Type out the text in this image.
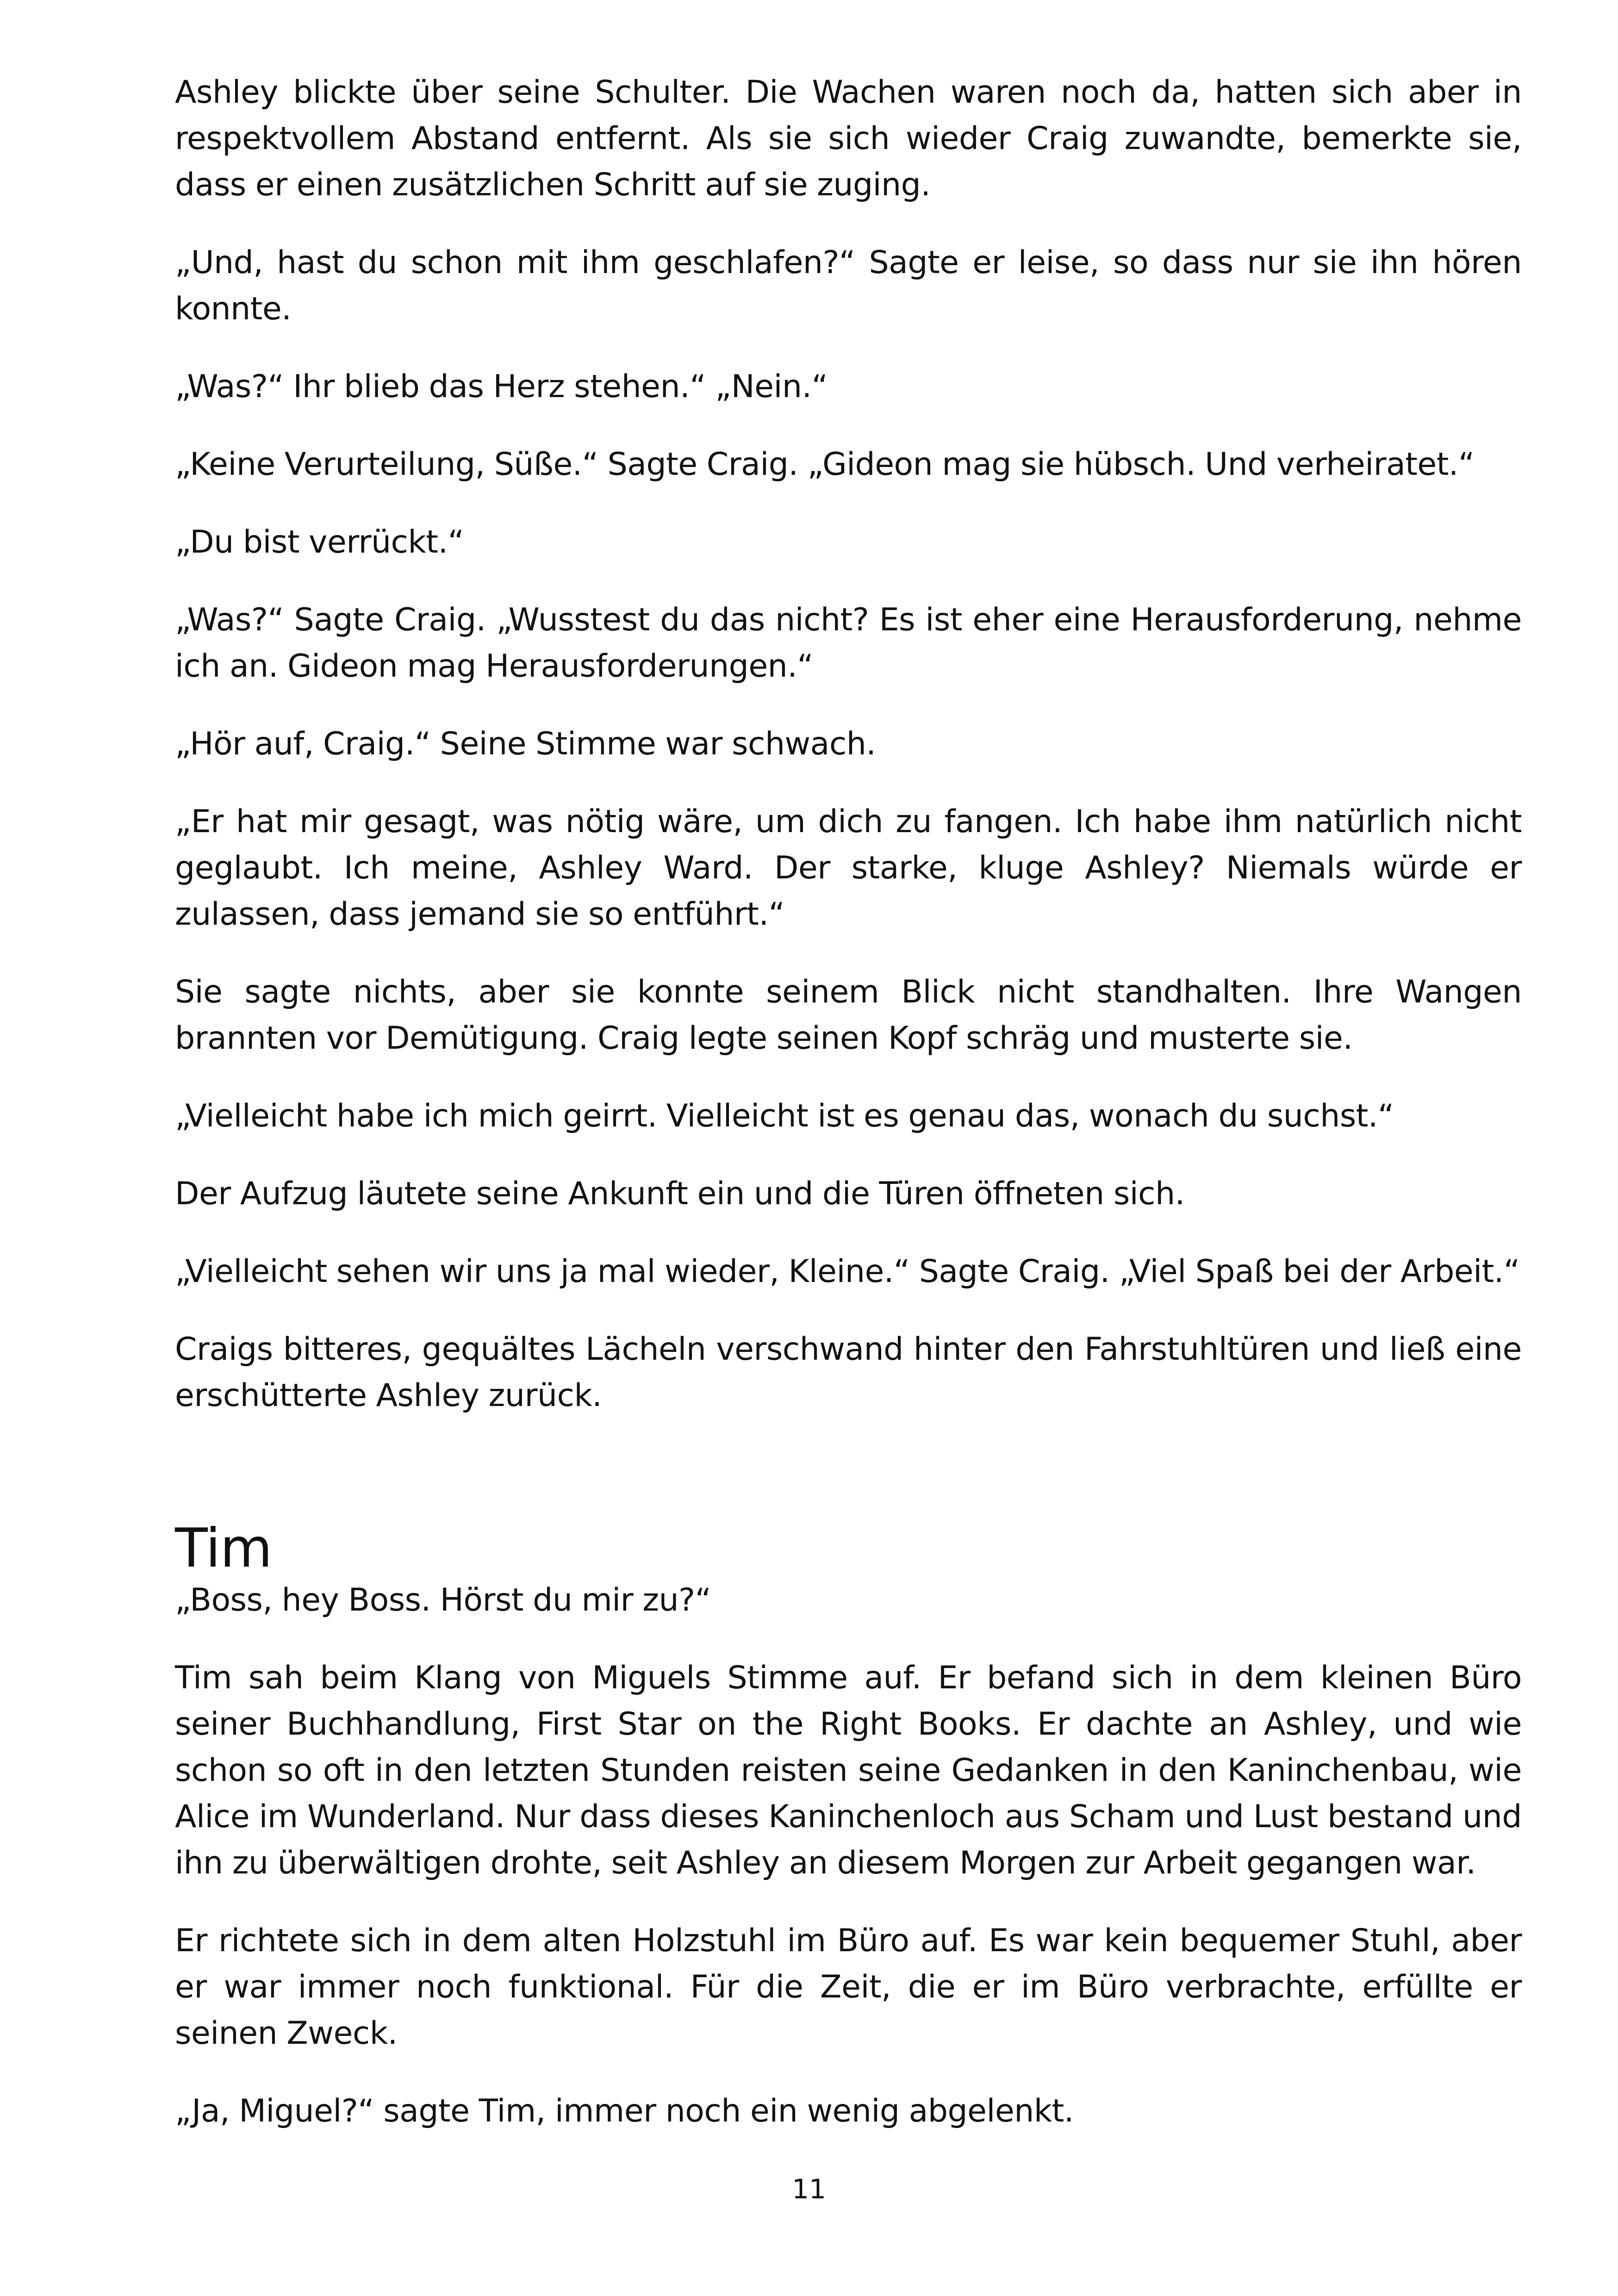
Ashley blickte über seine Schulter. Die Wachen waren noch da, hatten sich aber in respektvollem Abstand entfernt. Als sie sich wieder Craig zuwandte, bemerkte sie, dass er einen zusätzlichen Schritt auf sie zuging.

„Und, hast du schon mit ihm geschlafen?“ Sagte er leise, so dass nur sie ihn hören konnte.

„Was?“ Ihr blieb das Herz stehen.“ „Nein.“

„Keine Verurteilung, Süße.“ Sagte Craig. „Gideon mag sie hübsch. Und verheiratet.“

„Du bist verrückt.“

„Was?“ Sagte Craig. „Wusstest du das nicht? Es ist eher eine Herausforderung, nehme ich an. Gideon mag Herausforderungen.“

„Hör auf, Craig.“ Seine Stimme war schwach.

„Er hat mir gesagt, was nötig wäre, um dich zu fangen. Ich habe ihm natürlich nicht geglaubt. Ich meine, Ashley Ward. Der starke, kluge Ashley? Niemals würde er zulassen, dass jemand sie so entführt.“

Sie sagte nichts, aber sie konnte seinem Blick nicht standhalten. Ihre Wangen brannten vor Demütigung. Craig legte seinen Kopf schräg und musterte sie.

„Vielleicht habe ich mich geirrt. Vielleicht ist es genau das, wonach du suchst.“

Der Aufzug läutete seine Ankunft ein und die Türen öffneten sich.

„Vielleicht sehen wir uns ja mal wieder, Kleine.“ Sagte Craig. „Viel Spaß bei der Arbeit.“

Craigs bitteres, gequältes Lächeln verschwand hinter den Fahrstuhltüren und ließ eine erschütterte Ashley zurück.

Tim

„Boss, hey Boss. Hörst du mir zu?“

Tim sah beim Klang von Miguels Stimme auf. Er befand sich in dem kleinen Büro seiner Buchhandlung, First Star on the Right Books. Er dachte an Ashley, und wie schon so oft in den letzten Stunden reisten seine Gedanken in den Kaninchenbau, wie Alice im Wunderland. Nur dass dieses Kaninchenloch aus Scham und Lust bestand und ihn zu überwältigen drohte, seit Ashley an diesem Morgen zur Arbeit gegangen war.

Er richtete sich in dem alten Holzstuhl im Büro auf. Es war kein bequemer Stuhl, aber er war immer noch funktional. Für die Zeit, die er im Büro verbrachte, erfüllte er seinen Zweck.

„Ja, Miguel?“ sagte Tim, immer noch ein wenig abgelenkt.

11
